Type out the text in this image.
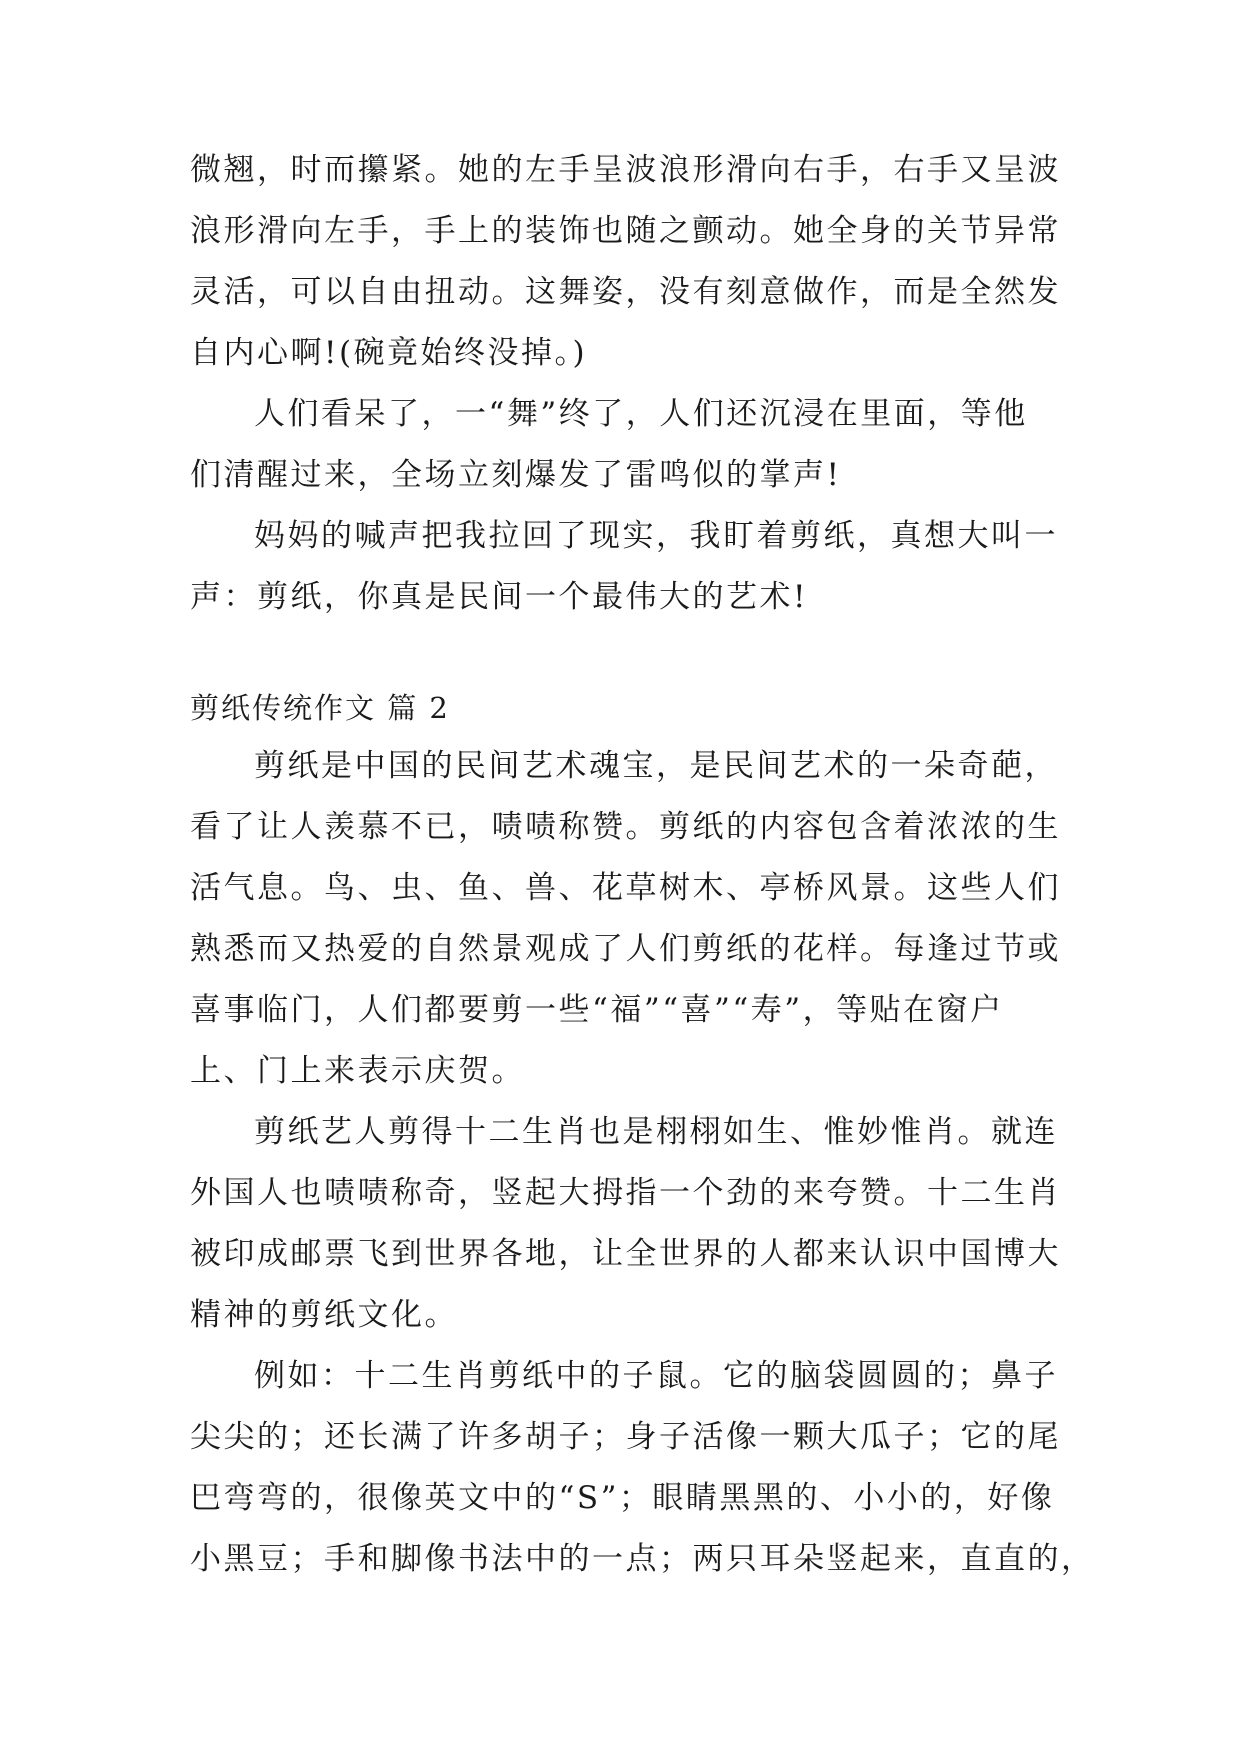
微翘，时而攥紧。她的左手呈波浪形滑向右手，右手又呈波
浪形滑向左手，手上的装饰也随之颤动。她全身的关节异常
灵活，可以自由扭动。这舞姿，没有刻意做作，而是全然发
自内心啊!(碗竟始终没掉。)
人们看呆了，一“舞”终了，人们还沉浸在里面，等他
们清醒过来，全场立刻爆发了雷鸣似的掌声!
妈妈的喊声把我拉回了现实，我盯着剪纸，真想大叫一
声：剪纸，你真是民间一个最伟大的艺术!
剪纸传统作文 篇 2
剪纸是中国的民间艺术魂宝，是民间艺术的一朵奇葩，
看了让人羡慕不已，啧啧称赞。剪纸的内容包含着浓浓的生
活气息。鸟、虫、鱼、兽、花草树木、亭桥风景。这些人们
熟悉而又热爱的自然景观成了人们剪纸的花样。每逢过节或
喜事临门，人们都要剪一些“福”“喜”“寿”，等贴在窗户
上、门上来表示庆贺。
剪纸艺人剪得十二生肖也是栩栩如生、惟妙惟肖。就连
外国人也啧啧称奇，竖起大拇指一个劲的来夸赞。十二生肖
被印成邮票飞到世界各地，让全世界的人都来认识中国博大
精神的剪纸文化。
例如：十二生肖剪纸中的子鼠。它的脑袋圆圆的；鼻子
尖尖的；还长满了许多胡子；身子活像一颗大瓜子；它的尾
巴弯弯的，很像英文中的“S”；眼睛黑黑的、小小的，好像
小黑豆；手和脚像书法中的一点；两只耳朵竖起来，直直的，
